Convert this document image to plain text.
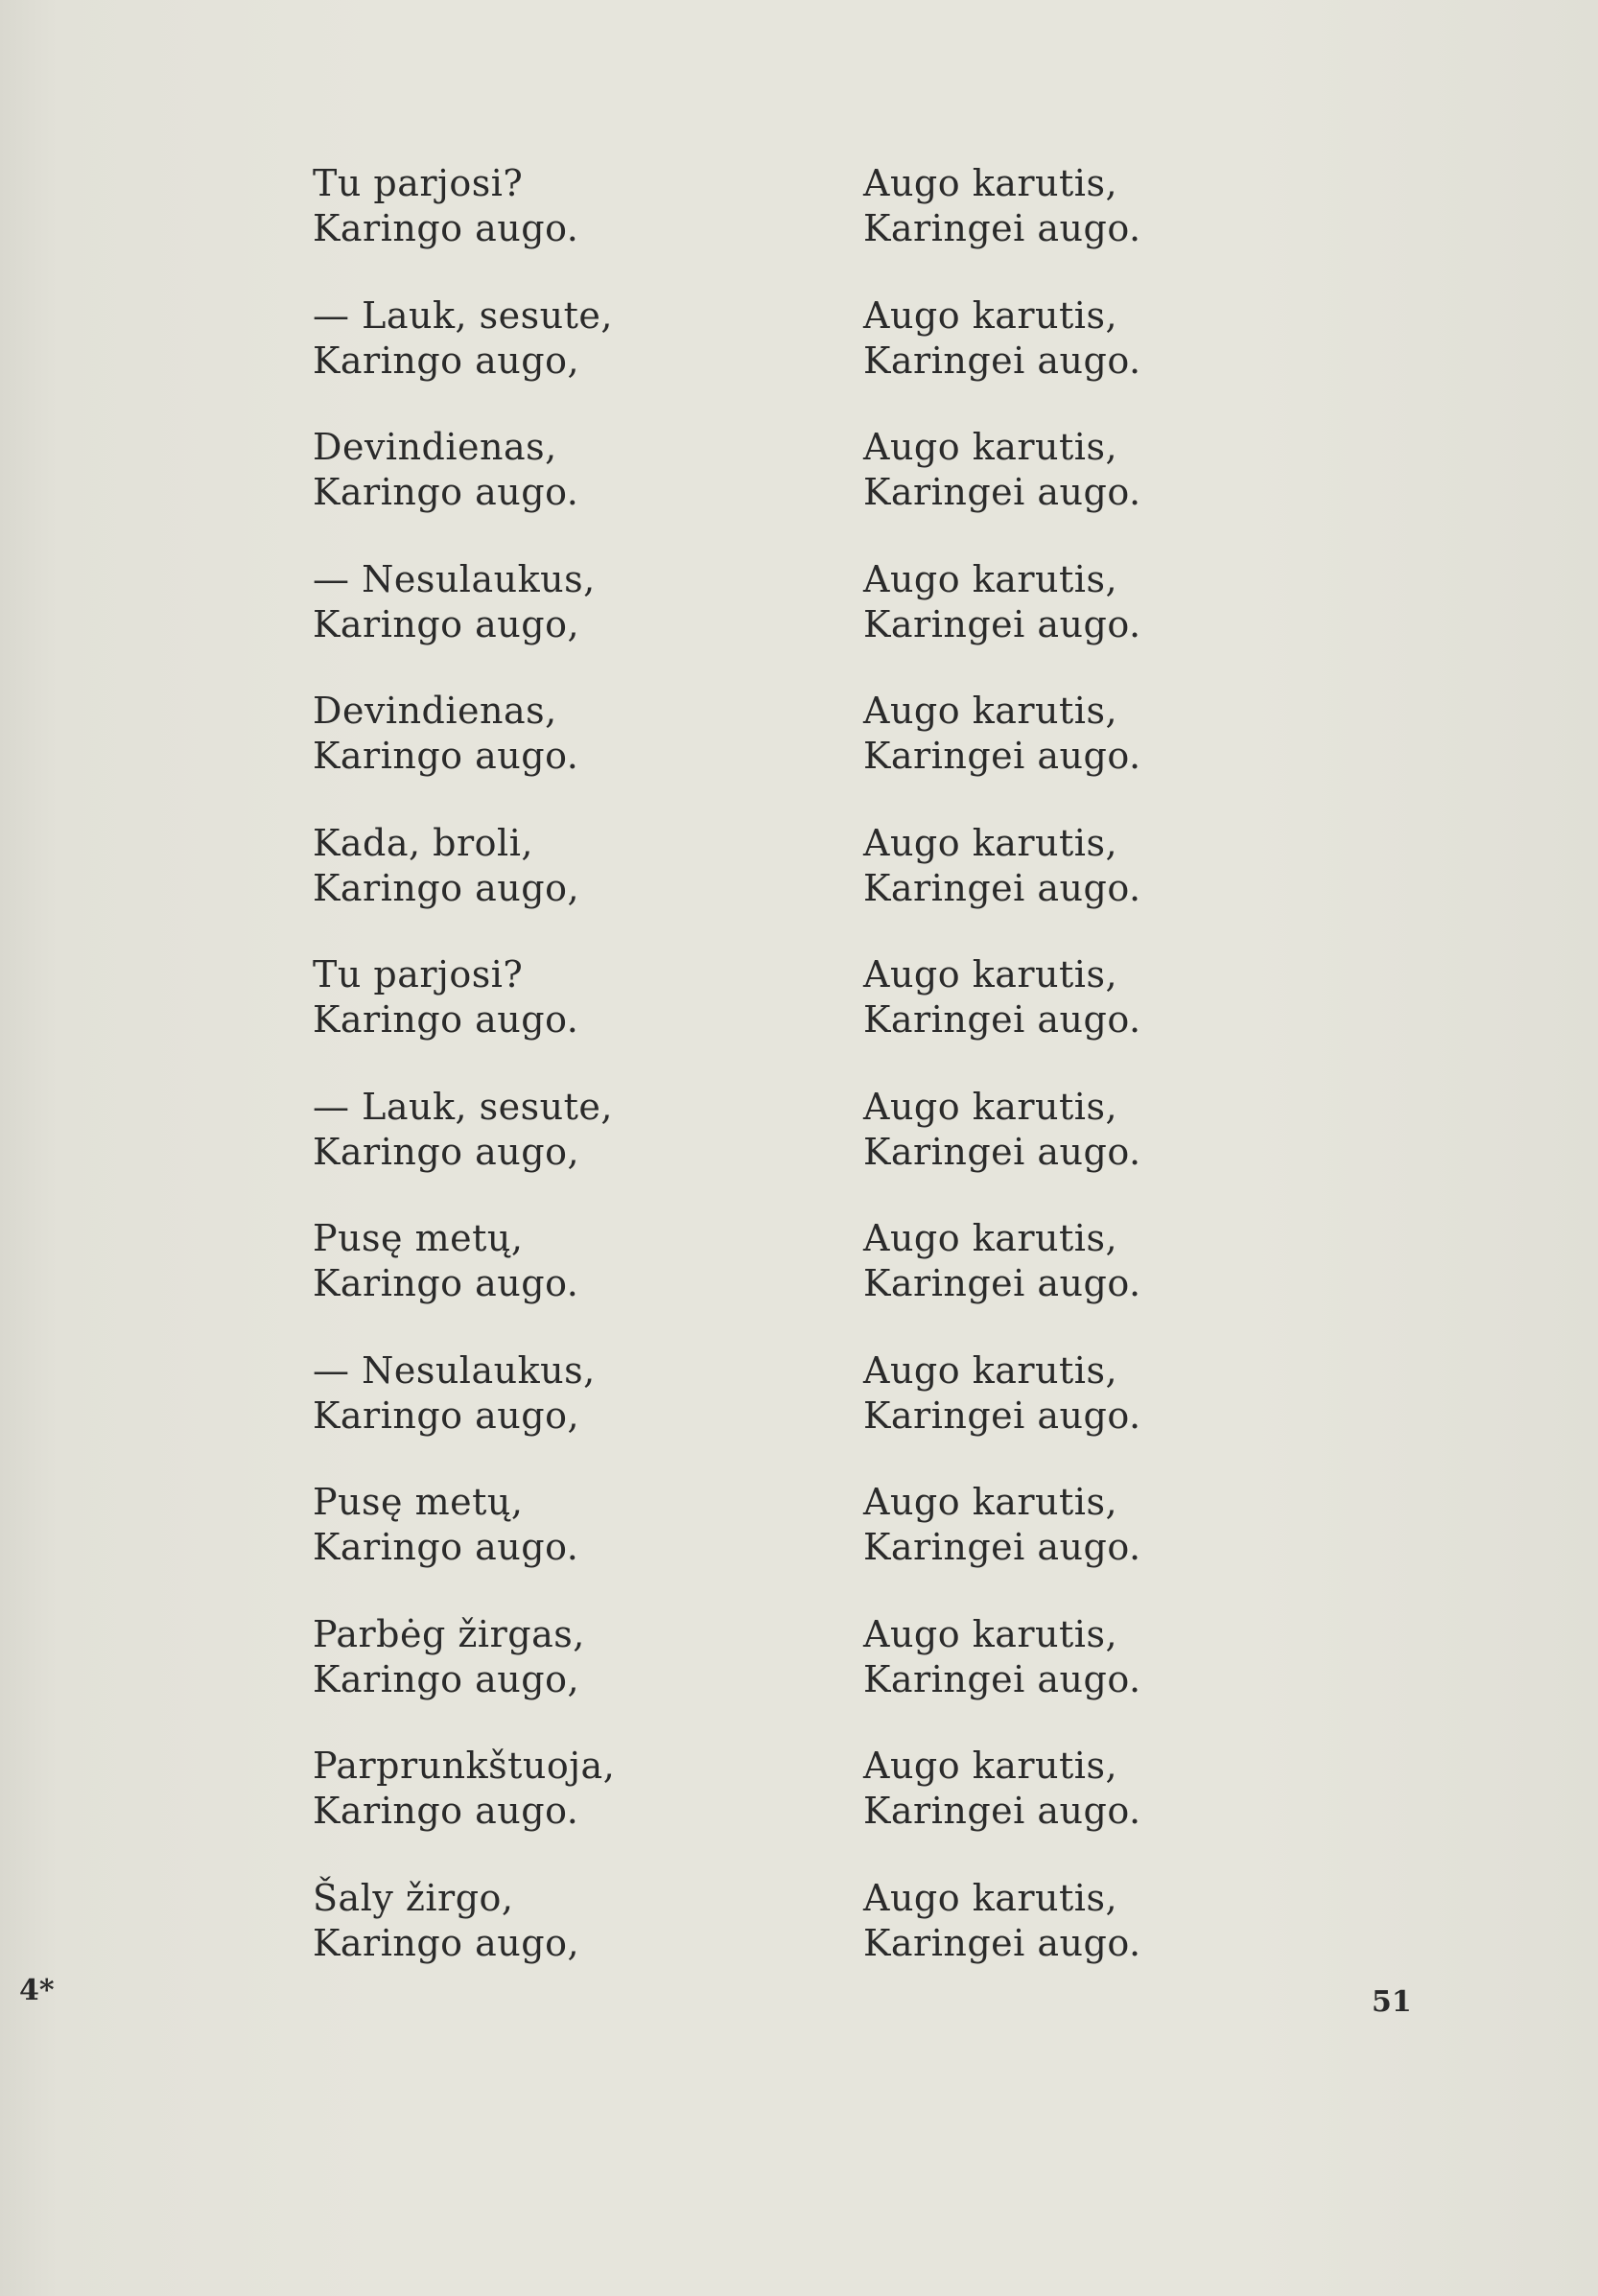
Tu parjosi?
Karingo augo.
— Lauk, sesute,
Karingo augo,
Devindienas,
Karingo augo.
— Nesulaukus,
Karingo augo,
Devindienas,
Karingo augo.
Kada, broli,
Karingo augo,
Tu parjosi?
Karingo augo.
— Lauk, sesute,
Karingo augo,
Pusę metų,
Karingo augo.
— Nesulaukus,
Karingo augo,
Pusę metų,
Karingo augo.
Parbėg žirgas,
Karingo augo,
Parprunkštuoja,
Karingo augo.
Šaly žirgo,
Karingo augo,
Augo karutis,
Karingei augo.
Augo karutis,
Karingei augo.
Augo karutis,
Karingei augo.
Augo karutis,
Karingei augo.
Augo karutis,
Karingei augo.
Augo karutis,
Karingei augo.
Augo karutis,
Karingei augo.
Augo karutis,
Karingei augo.
Augo karutis,
Karingei augo.
Augo karutis,
Karingei augo.
Augo karutis,
Karingei augo.
Augo karutis,
Karingei augo.
Augo karutis,
Karingei augo.
Augo karutis,
Karingei augo.
4*	51
